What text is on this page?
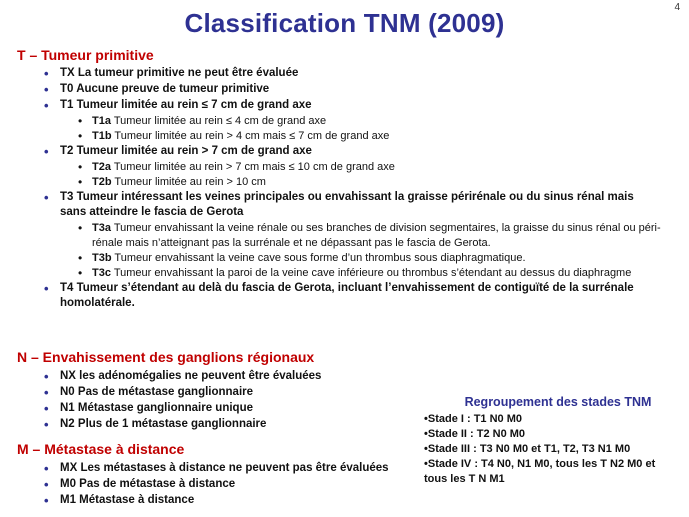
4
Classification TNM (2009)
T – Tumeur primitive
• TX La tumeur primitive ne peut être évaluée
• T0 Aucune preuve de tumeur primitive
• T1 Tumeur limitée au rein ≤ 7 cm de grand axe
• T1a Tumeur limitée au rein ≤ 4 cm de grand axe
• T1b Tumeur limitée au rein > 4 cm mais ≤ 7 cm de grand axe
• T2 Tumeur limitée au rein > 7 cm de grand axe
• T2a Tumeur limitée au rein > 7 cm mais ≤ 10 cm de grand axe
• T2b Tumeur limitée au rein > 10 cm
• T3 Tumeur intéressant les veines principales ou envahissant la graisse périrénale ou du sinus rénal mais sans atteindre le fascia de Gerota
• T3a Tumeur envahissant la veine rénale ou ses branches de division segmentaires, la graisse du sinus rénal ou péri-rénale mais n’atteignant pas la surrénale et ne dépassant pas le fascia de Gerota.
• T3b Tumeur envahissant la veine cave sous forme d’un thrombus sous diaphragmatique.
• T3c Tumeur envahissant la paroi de la veine cave inférieure ou thrombus s’étendant au dessus du diaphragme
• T4 Tumeur s’étendant au delà du fascia de Gerota, incluant l’envahissement de contiguïté de la surrénale homolatérale.
N – Envahissement des ganglions régionaux
• NX les adénomégalies ne peuvent être évaluées
• N0 Pas de métastase ganglionnaire
• N1 Métastase ganglionnaire unique
• N2 Plus de 1 métastase ganglionnaire
M – Métastase à distance
• MX Les métastases à distance ne peuvent pas être évaluées
• M0 Pas de métastase à distance
• M1 Métastase à distance
Regroupement des stades TNM
•Stade I : T1 N0 M0
•Stade II : T2 N0 M0
•Stade III : T3 N0 M0 et T1, T2, T3 N1 M0
•Stade IV : T4 N0, N1 M0, tous les T N2 M0 et tous les T N M1
